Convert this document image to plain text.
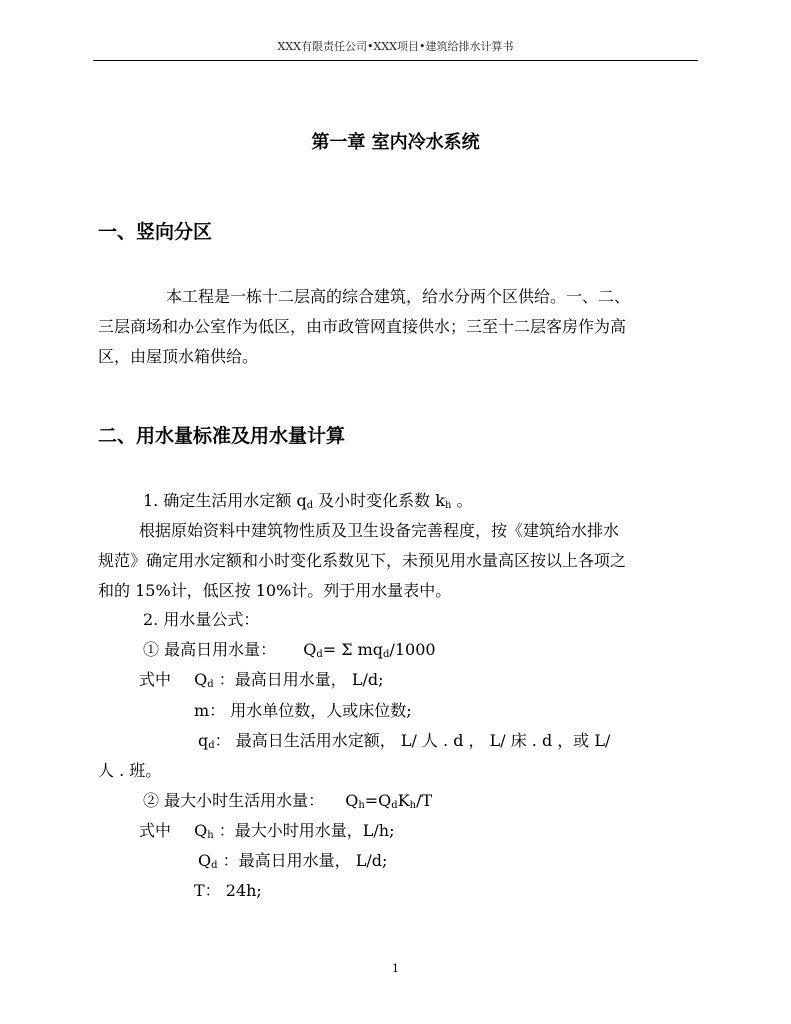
XXX有限责任公司•XXX项目•建筑给排水计算书
第一章 室内冷水系统
一、竖向分区
本工程是一栋十二层高的综合建筑，给水分两个区供给。一、二、
三层商场和办公室作为低区，由市政管网直接供水；三至十二层客房作为高
区，由屋顶水箱供给。
二、用水量标准及用水量计算
1. 确定生活用水定额 $q_d$ 及小时变化系数 $k_h$ 。
根据原始资料中建筑物性质及卫生设备完善程度，按《建筑给水排水
规范》确定用水定额和小时变化系数见下，未预见用水量高区按以上各项之
和的 15%计，低区按 10%计。列于用水量表中。
2. 用水量公式：
① 最高日用水量： $Q_d= \Sigma$ $mq_d/1000$
式中 $Q_d$ ：最高日用水量， L/d;
m： 用水单位数，人或床位数;
$q_d$： 最高日生活用水定额， L/ 人 . d ， L/ 床 . d ，或 L/
人 . 班。
② 最大小时生活用水量： $Q_h=Q_dK_h/T$
式中 $Q_h$ ：最大小时用水量，L/h;
$Q_d$ ：最高日用水量， L/d;
T： 24h;
1
